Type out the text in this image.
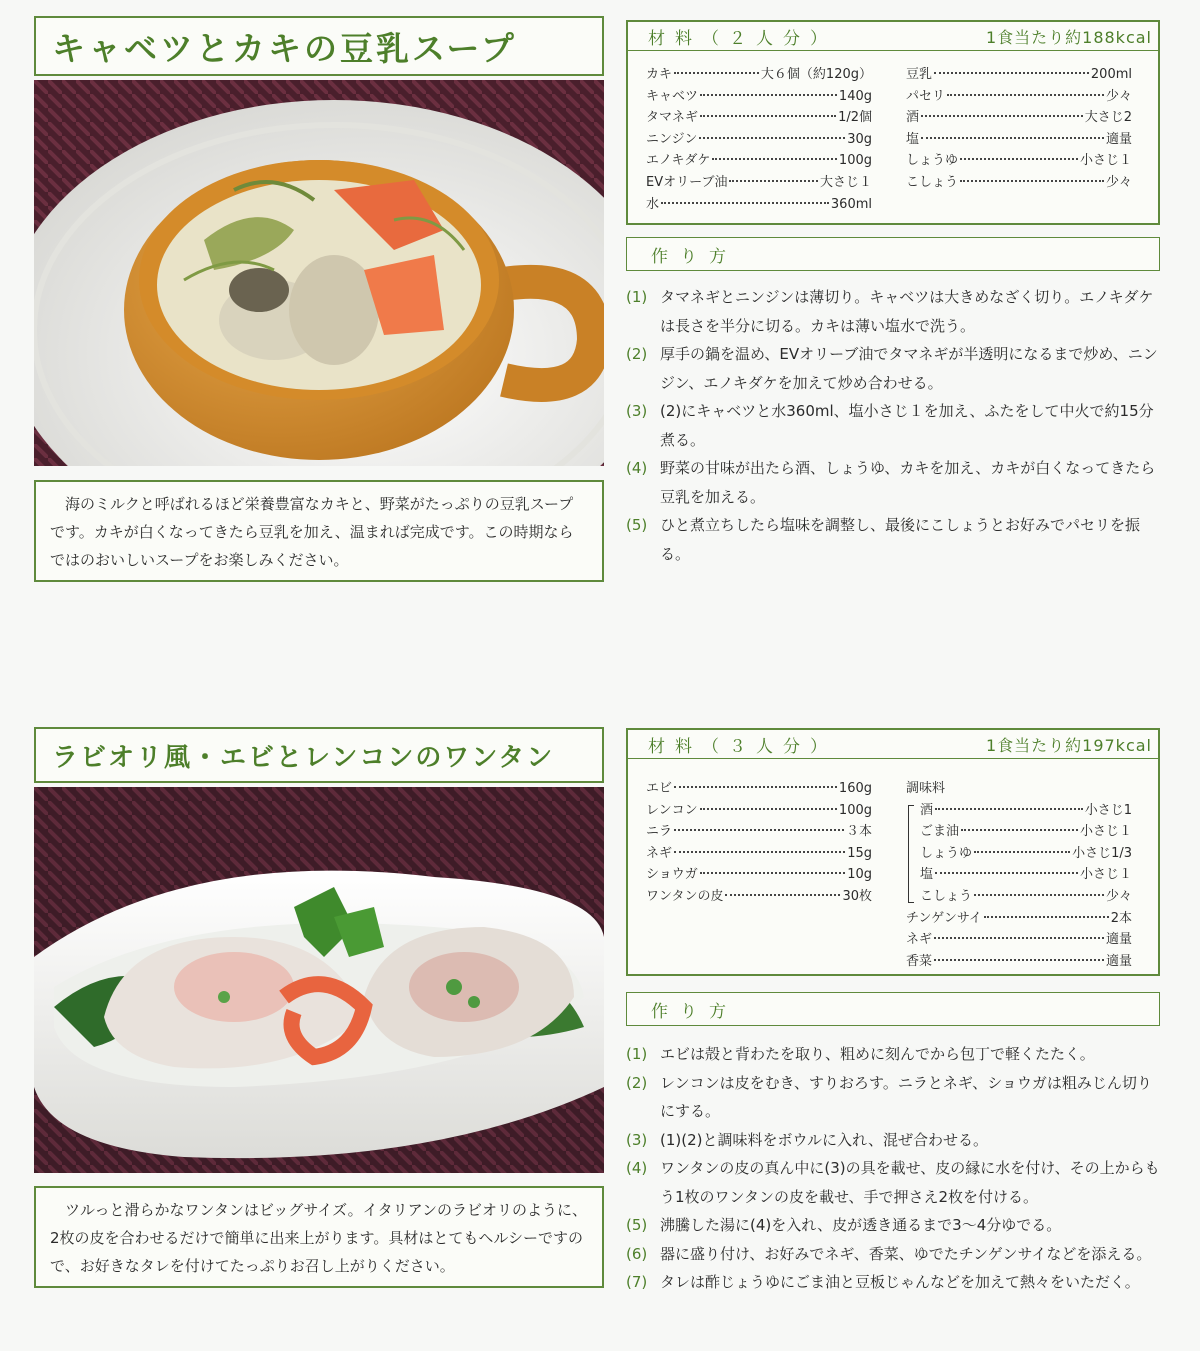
キャベツとカキの豆乳スープ
海のミルクと呼ばれるほど栄養豊富なカキと、野菜がたっぷりの豆乳スープです。カキが白くなってきたら豆乳を加え、温まれば完成です。この時期ならではのおいしいスープをお楽しみください。
材料（２人分）	1食当たり約188kcal
カキ	大６個（約120g）
キャベツ	140g
タマネギ	1/2個
ニンジン	30g
エノキダケ	100g
EVオリーブ油	大さじ１
水	360ml
豆乳	200ml
パセリ	少々
酒	大さじ2
塩	適量
しょうゆ	小さじ１
こしょう	少々
作り方
(1) タマネギとニンジンは薄切り。キャベツは大きめなざく切り。エノキダケは長さを半分に切る。カキは薄い塩水で洗う。
(2) 厚手の鍋を温め、EVオリーブ油でタマネギが半透明になるまで炒め、ニンジン、エノキダケを加えて炒め合わせる。
(3) (2)にキャベツと水360ml、塩小さじ１を加え、ふたをして中火で約15分煮る。
(4) 野菜の甘味が出たら酒、しょうゆ、カキを加え、カキが白くなってきたら豆乳を加える。
(5) ひと煮立ちしたら塩味を調整し、最後にこしょうとお好みでパセリを振る。
ラビオリ風・エビとレンコンのワンタン
ツルっと滑らかなワンタンはビッグサイズ。イタリアンのラビオリのように、2枚の皮を合わせるだけで簡単に出来上がります。具材はとてもヘルシーですので、お好きなタレを付けてたっぷりお召し上がりください。
材料（３人分）	1食当たり約197kcal
エビ	160g
レンコン	100g
ニラ	３本
ネギ	15g
ショウガ	10g
ワンタンの皮	30枚
調味料
酒	小さじ1
ごま油	小さじ１
しょうゆ	小さじ1/3
塩	小さじ１
こしょう	少々
チンゲンサイ	2本
ネギ	適量
香菜	適量
作り方
(1) エビは殻と背わたを取り、粗めに刻んでから包丁で軽くたたく。
(2) レンコンは皮をむき、すりおろす。ニラとネギ、ショウガは粗みじん切りにする。
(3) (1)(2)と調味料をボウルに入れ、混ぜ合わせる。
(4) ワンタンの皮の真ん中に(3)の具を載せ、皮の縁に水を付け、その上からもう1枚のワンタンの皮を載せ、手で押さえ2枚を付ける。
(5) 沸騰した湯に(4)を入れ、皮が透き通るまで3〜4分ゆでる。
(6) 器に盛り付け、お好みでネギ、香菜、ゆでたチンゲンサイなどを添える。
(7) タレは酢じょうゆにごま油と豆板じゃんなどを加えて熱々をいただく。
